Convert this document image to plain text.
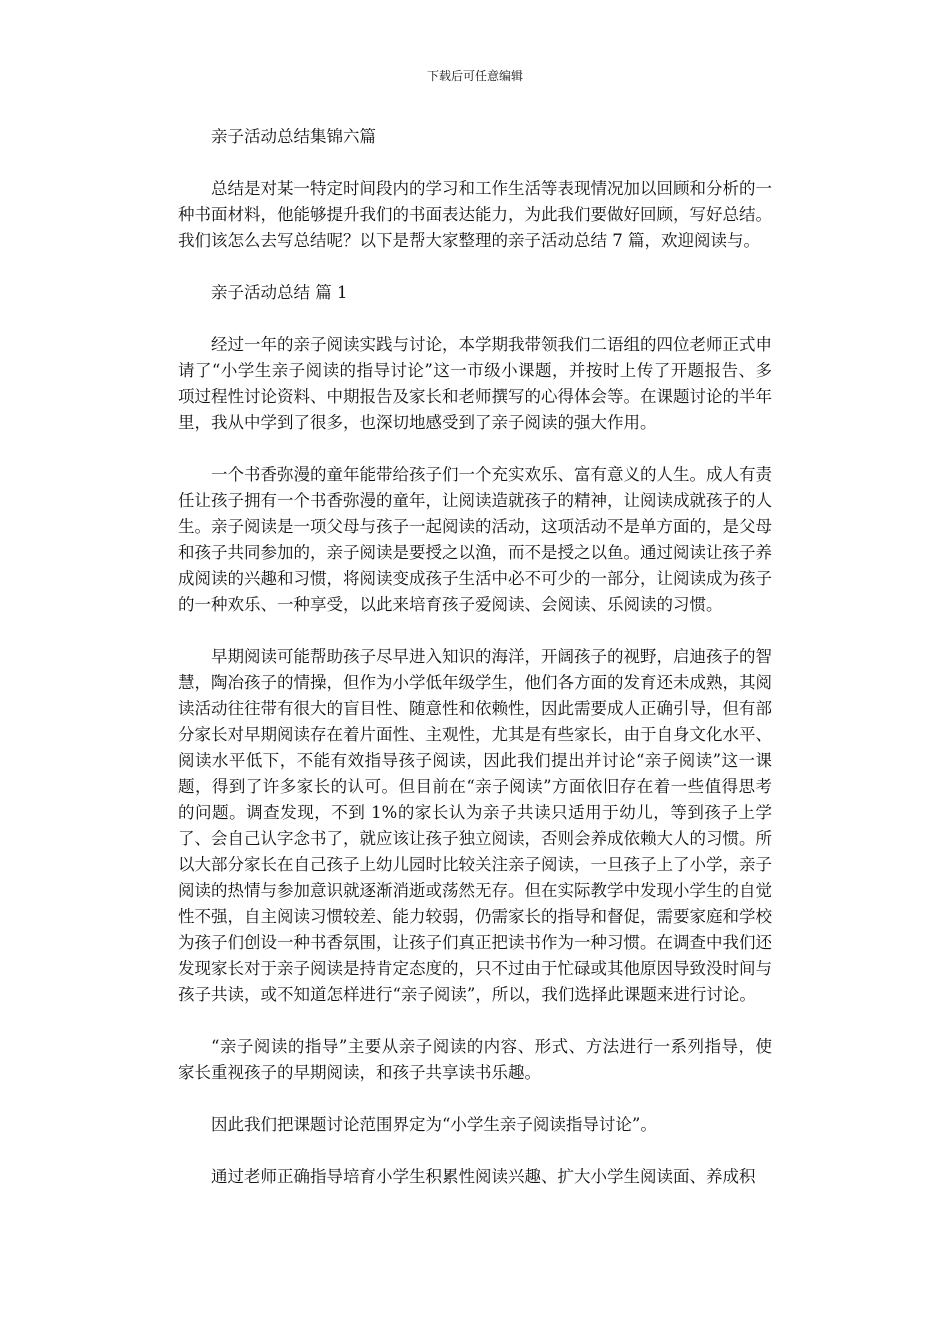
下载后可任意编辑

亲子活动总结集锦六篇

总结是对某一特定时间段内的学习和工作生活等表现情况加以回顾和分析的一种书面材料，他能够提升我们的书面表达能力，为此我们要做好回顾，写好总结。我们该怎么去写总结呢？以下是帮大家整理的亲子活动总结 7 篇，欢迎阅读与。

亲子活动总结 篇 1

经过一年的亲子阅读实践与讨论，本学期我带领我们二语组的四位老师正式申请了“小学生亲子阅读的指导讨论”这一市级小课题，并按时上传了开题报告、多项过程性讨论资料、中期报告及家长和老师撰写的心得体会等。在课题讨论的半年里，我从中学到了很多，也深切地感受到了亲子阅读的强大作用。

一个书香弥漫的童年能带给孩子们一个充实欢乐、富有意义的人生。成人有责任让孩子拥有一个书香弥漫的童年，让阅读造就孩子的精神，让阅读成就孩子的人生。亲子阅读是一项父母与孩子一起阅读的活动，这项活动不是单方面的，是父母和孩子共同参加的，亲子阅读是要授之以渔，而不是授之以鱼。通过阅读让孩子养成阅读的兴趣和习惯，将阅读变成孩子生活中必不可少的一部分，让阅读成为孩子的一种欢乐、一种享受，以此来培育孩子爱阅读、会阅读、乐阅读的习惯。

早期阅读可能帮助孩子尽早进入知识的海洋，开阔孩子的视野，启迪孩子的智慧，陶冶孩子的情操，但作为小学低年级学生，他们各方面的发育还未成熟，其阅读活动往往带有很大的盲目性、随意性和依赖性，因此需要成人正确引导，但有部分家长对早期阅读存在着片面性、主观性，尤其是有些家长，由于自身文化水平、阅读水平低下，不能有效指导孩子阅读，因此我们提出并讨论“亲子阅读”这一课题，得到了许多家长的认可。但目前在“亲子阅读”方面依旧存在着一些值得思考的问题。调查发现，不到 1%的家长认为亲子共读只适用于幼儿，等到孩子上学了、会自己认字念书了，就应该让孩子独立阅读，否则会养成依赖大人的习惯。所以大部分家长在自己孩子上幼儿园时比较关注亲子阅读，一旦孩子上了小学，亲子阅读的热情与参加意识就逐渐消逝或荡然无存。但在实际教学中发现小学生的自觉性不强，自主阅读习惯较差、能力较弱，仍需家长的指导和督促，需要家庭和学校为孩子们创设一种书香氛围，让孩子们真正把读书作为一种习惯。在调查中我们还发现家长对于亲子阅读是持肯定态度的，只不过由于忙碌或其他原因导致没时间与孩子共读，或不知道怎样进行“亲子阅读”，所以，我们选择此课题来进行讨论。

“亲子阅读的指导”主要从亲子阅读的内容、形式、方法进行一系列指导，使家长重视孩子的早期阅读，和孩子共享读书乐趣。

因此我们把课题讨论范围界定为“小学生亲子阅读指导讨论”。

通过老师正确指导培育小学生积累性阅读兴趣、扩大小学生阅读面、养成积
